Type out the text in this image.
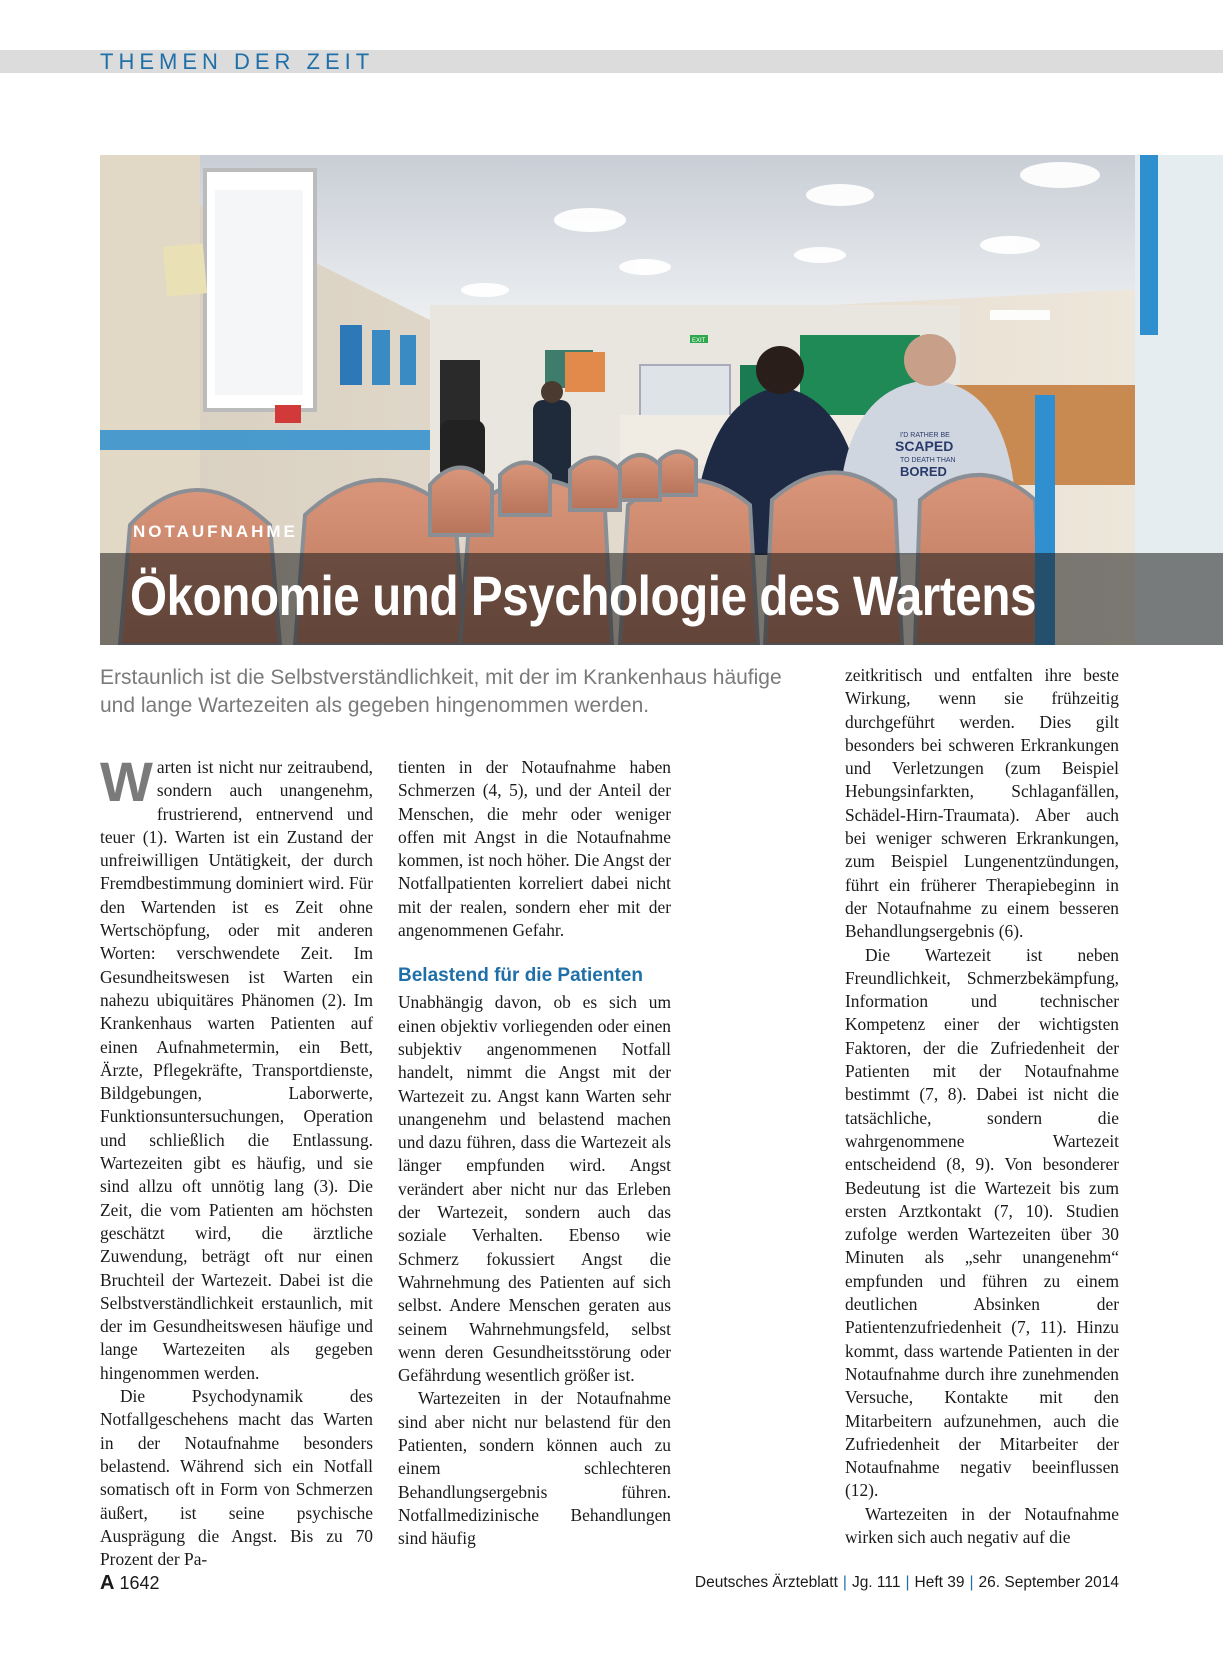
THEMEN DER ZEIT
EXIT
I'D RATHER BE
SCAPED
TO DEATH THAN
BORED
NOTAUFNAHME
Ökonomie und Psychologie des Wartens
Erstaunlich ist die Selbstverständlichkeit, mit der im Krankenhaus häufige und lange Wartezeiten als gegeben hingenommen werden.

Warten ist nicht nur zeitraubend, sondern auch unangenehm, frustrierend, entnervend und teuer (1). Warten ist ein Zustand der unfreiwilligen Untätigkeit, der durch Fremdbestimmung dominiert wird. Für den Wartenden ist es Zeit ohne Wertschöpfung, oder mit anderen Worten: verschwendete Zeit. Im Gesundheitswesen ist Warten ein nahezu ubiquitäres Phänomen (2). Im Krankenhaus warten Patienten auf einen Aufnahmetermin, ein Bett, Ärzte, Pflegekräfte, Transportdienste, Bildgebungen, Laborwerte, Funktionsuntersuchungen, Operation und schließlich die Entlassung. Wartezeiten gibt es häufig, und sie sind allzu oft unnötig lang (3). Die Zeit, die vom Patienten am höchsten geschätzt wird, die ärztliche Zuwendung, beträgt oft nur einen Bruchteil der Wartezeit. Dabei ist die Selbstverständlichkeit erstaunlich, mit der im Gesundheitswesen häufige und lange Wartezeiten als gegeben hingenommen werden.

Die Psychodynamik des Notfallgeschehens macht das Warten in der Notaufnahme besonders belastend. Während sich ein Notfall somatisch oft in Form von Schmerzen äußert, ist seine psychische Ausprägung die Angst. Bis zu 70 Prozent der Pa-

tienten in der Notaufnahme haben Schmerzen (4, 5), und der Anteil der Menschen, die mehr oder weniger offen mit Angst in die Notaufnahme kommen, ist noch höher. Die Angst der Notfallpatienten korreliert dabei nicht mit der realen, sondern eher mit der angenommenen Gefahr.

Belastend für die Patienten

Unabhängig davon, ob es sich um einen objektiv vorliegenden oder einen subjektiv angenommenen Notfall handelt, nimmt die Angst mit der Wartezeit zu. Angst kann Warten sehr unangenehm und belastend machen und dazu führen, dass die Wartezeit als länger empfunden wird. Angst verändert aber nicht nur das Erleben der Wartezeit, sondern auch das soziale Verhalten. Ebenso wie Schmerz fokussiert Angst die Wahrnehmung des Patienten auf sich selbst. Andere Menschen geraten aus seinem Wahrnehmungsfeld, selbst wenn deren Gesundheitsstörung oder Gefährdung wesentlich größer ist.

Wartezeiten in der Notaufnahme sind aber nicht nur belastend für den Patienten, sondern können auch zu einem schlechteren Behandlungsergebnis führen. Notfallmedizinische Behandlungen sind häufig

zeitkritisch und entfalten ihre beste Wirkung, wenn sie frühzeitig durchgeführt werden. Dies gilt besonders bei schweren Erkrankungen und Verletzungen (zum Beispiel Hebungsinfarkten, Schlaganfällen, Schädel-Hirn-Traumata). Aber auch bei weniger schweren Erkrankungen, zum Beispiel Lungenentzündungen, führt ein früherer Therapiebeginn in der Notaufnahme zu einem besseren Behandlungsergebnis (6).

Die Wartezeit ist neben Freundlichkeit, Schmerzbekämpfung, Information und technischer Kompetenz einer der wichtigsten Faktoren, der die Zufriedenheit der Patienten mit der Notaufnahme bestimmt (7, 8). Dabei ist nicht die tatsächliche, sondern die wahrgenommene Wartezeit entscheidend (8, 9). Von besonderer Bedeutung ist die Wartezeit bis zum ersten Arztkontakt (7, 10). Studien zufolge werden Wartezeiten über 30 Minuten als „sehr unangenehm“ empfunden und führen zu einem deutlichen Absinken der Patientenzufriedenheit (7, 11). Hinzu kommt, dass wartende Patienten in der Notaufnahme durch ihre zunehmenden Versuche, Kontakte mit den Mitarbeitern aufzunehmen, auch die Zufriedenheit der Mitarbeiter der Notaufnahme negativ beeinflussen (12).

Wartezeiten in der Notaufnahme wirken sich auch negativ auf die

A 1642	Deutsches Ärzteblatt | Jg. 111 | Heft 39 | 26. September 2014
